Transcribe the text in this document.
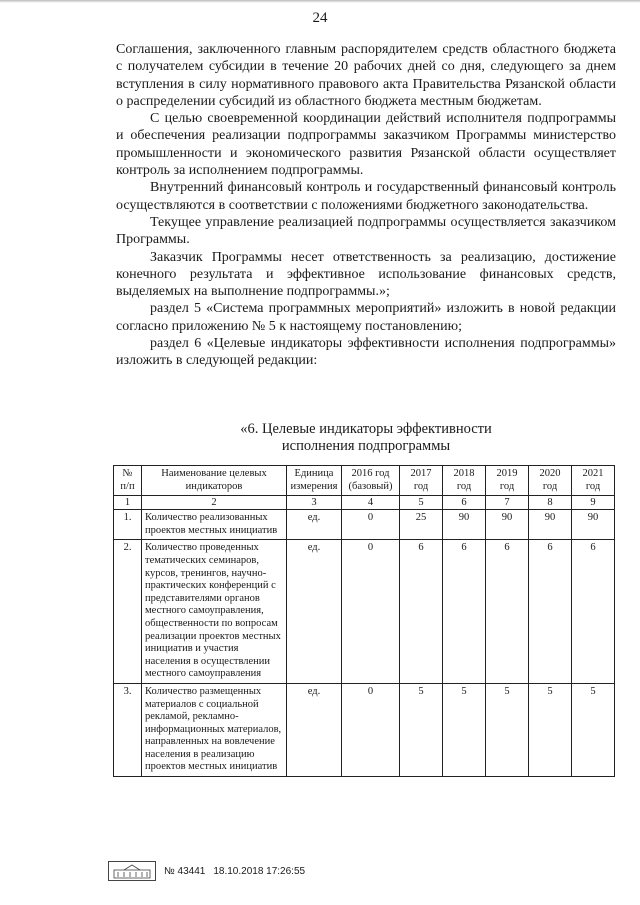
24

Соглашения, заключенного главным распорядителем средств областного бюджета с получателем субсидии в течение 20 рабочих дней со дня, следующего за днем вступления в силу нормативного правового акта Правительства Рязанской области о распределении субсидий из областного бюджета местным бюджетам.

С целью своевременной координации действий исполнителя подпрограммы и обеспечения реализации подпрограммы заказчиком Программы министерство промышленности и экономического развития Рязанской области осуществляет контроль за исполнением подпрограммы.

Внутренний финансовый контроль и государственный финансовый контроль осуществляются в соответствии с положениями бюджетного законодательства.

Текущее управление реализацией подпрограммы осуществляется заказчиком Программы.

Заказчик Программы несет ответственность за реализацию, достижение конечного результата и эффективное использование финансовых средств, выделяемых на выполнение подпрограммы.»;

раздел 5 «Система программных мероприятий» изложить в новой редакции согласно приложению № 5 к настоящему постановлению;

раздел 6 «Целевые индикаторы эффективности исполнения подпрограммы» изложить в следующей редакции:

«6. Целевые индикаторы эффективности
исполнения подпрограммы
№ п/п	Наименование целевых индикаторов	Единица измерения	2016 год (базовый)	2017 год	2018 год	2019 год	2020 год	2021 год
1	2	3	4	5	6	7	8	9
1.	Количество реализованных проектов местных инициатив	ед.	0	25	90	90	90	90
2.	Количество проведенных тематических семинаров, курсов, тренингов, научно-практических конференций с представителями органов местного самоуправления, общественности по вопросам реализации проектов местных инициатив и участия населения в осуществлении местного самоуправления	ед.	0	6	6	6	6	6
3.	Количество размещенных материалов с социальной рекламой, рекламно-информационных материалов, направленных на вовлечение населения в реализацию проектов местных инициатив	ед.	0	5	5	5	5	5
№ 43441 18.10.2018 17:26:55
